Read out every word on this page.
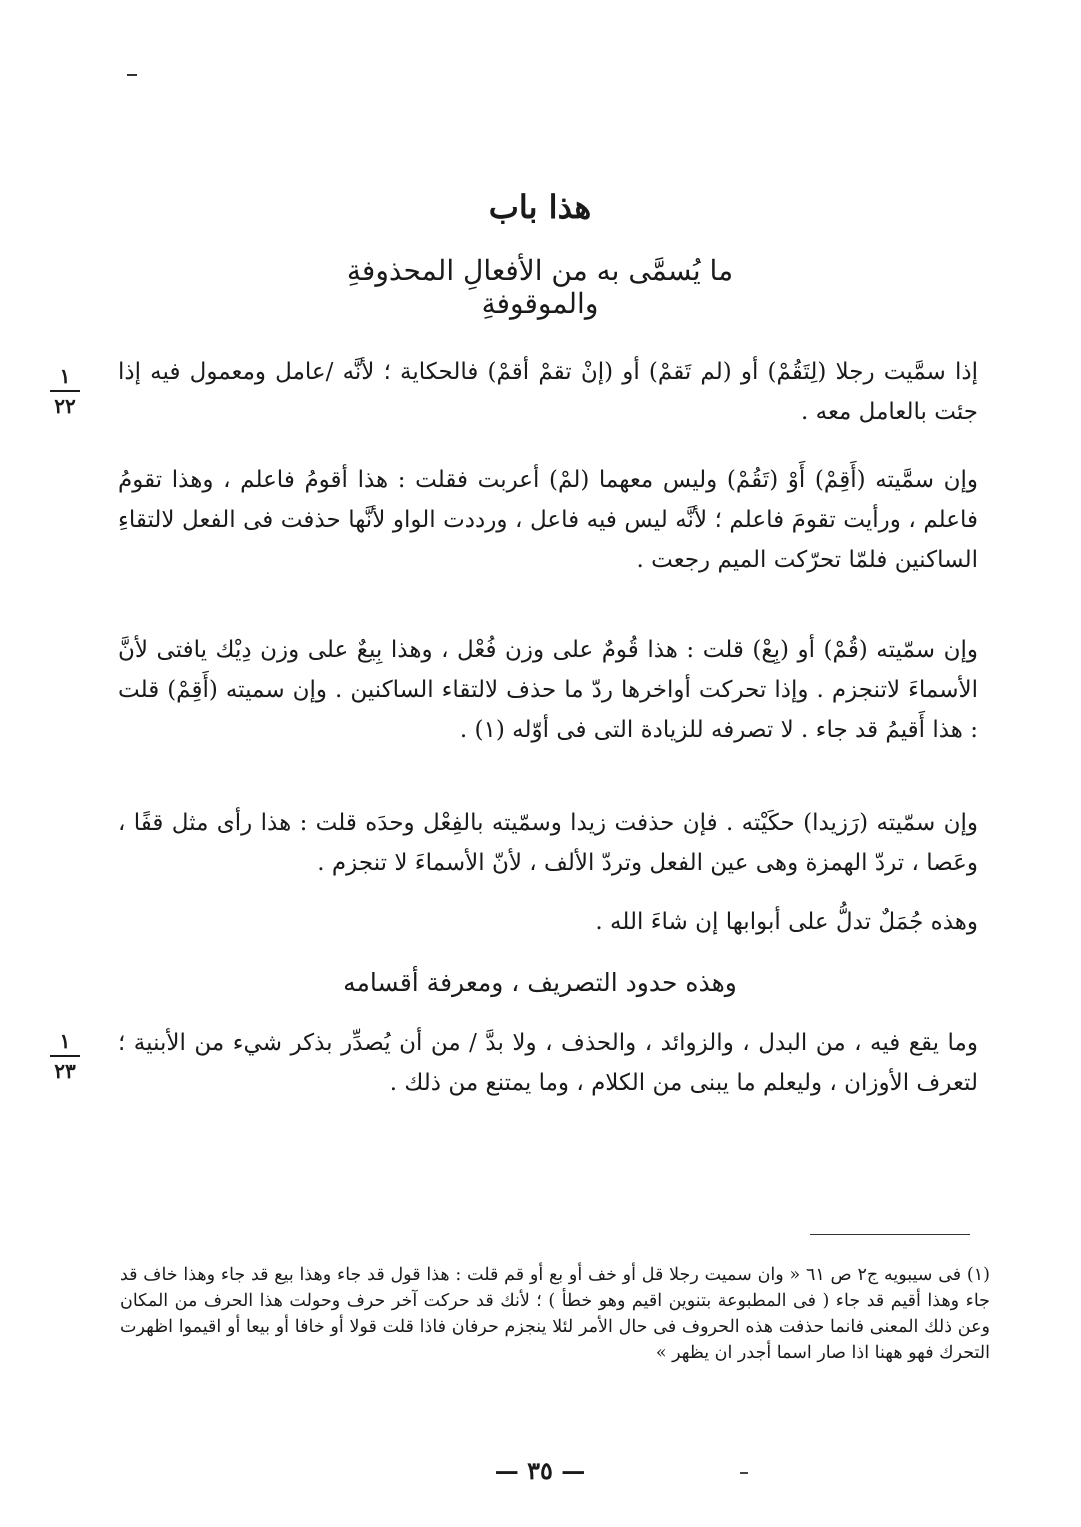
هذا باب
ما يُسمَّى به من الأفعالِ المحذوفةِ والموقوفةِ
١
٢٢

إذا سمَّيت رجلا (لِتَقُمْ) أو (لم تَقمْ) أو (إنْ تقمْ أقمْ) فالحكاية ؛ لأنَّه /عامل ومعمول فيه إذا جئت بالعامل معه .

وإن سمَّيته (أَقِمْ) أَوْ (تَقُمْ) وليس معهما (لمْ) أعربت فقلت : هذا أقومُ فاعلم ، وهذا تقومُ فاعلم ، ورأيت تقومَ فاعلم ؛ لأنَّه ليس فيه فاعل ، ورددت الواو لأنَّها حذفت فى الفعل لالتقاءِ الساكنين فلمّا تحرّكت الميم رجعت .

وإن سمّيته (قُمْ) أو (بِعْ) قلت : هذا قُومٌ على وزن فُعْل ، وهذا بِيعٌ على وزن دِيْك يافتى لأنَّ الأسماءَ لاتنجزم . وإذا تحركت أواخرها ردّ ما حذف لالتقاء الساكنين . وإن سميته (أَقِمْ) قلت : هذا أَقيمُ قد جاء . لا تصرفه للزيادة التى فى أوّله (١) .

وإن سمّيته (رَزيدا) حكَيْته . فإن حذفت زيدا وسمّيته بالفِعْل وحدَه قلت : هذا رأى مثل قفًا ، وعَصا ، تردّ الهمزة وهى عين الفعل وتردّ الألف ، لأنّ الأسماءَ لا تنجزم .

وهذه جُمَلٌ تدلُّ على أبوابها إن شاءَ الله .

وهذه حدود التصريف ، ومعرفة أقسامه
١
٢٣

وما يقع فيه ، من البدل ، والزوائد ، والحذف ، ولا بدَّ / من أن يُصدِّر بذكر شيء من الأبنية ؛ لتعرف الأوزان ، وليعلم ما يبنى من الكلام ، وما يمتنع من ذلك .

(١) فى سيبويه ج٢ ص ٦١ « وان سميت رجلا قل أو خف أو بع أو قم قلت : هذا قول قد جاء وهذا بيع قد جاء وهذا خاف قد جاء وهذا أقيم قد جاء ( فى المطبوعة بتنوين اقيم وهو خطأ ) ؛ لأنك قد حركت آخر حرف وحولت هذا الحرف من المكان وعن ذلك المعنى فانما حذفت هذه الحروف فى حال الأمر لئلا ينجزم حرفان فاذا قلت قولا أو خافا أو بيعا أو اقيموا اظهرت التحرك فهو ههنا اذا صار اسما أجدر ان يظهر »

— ٣٥ —
